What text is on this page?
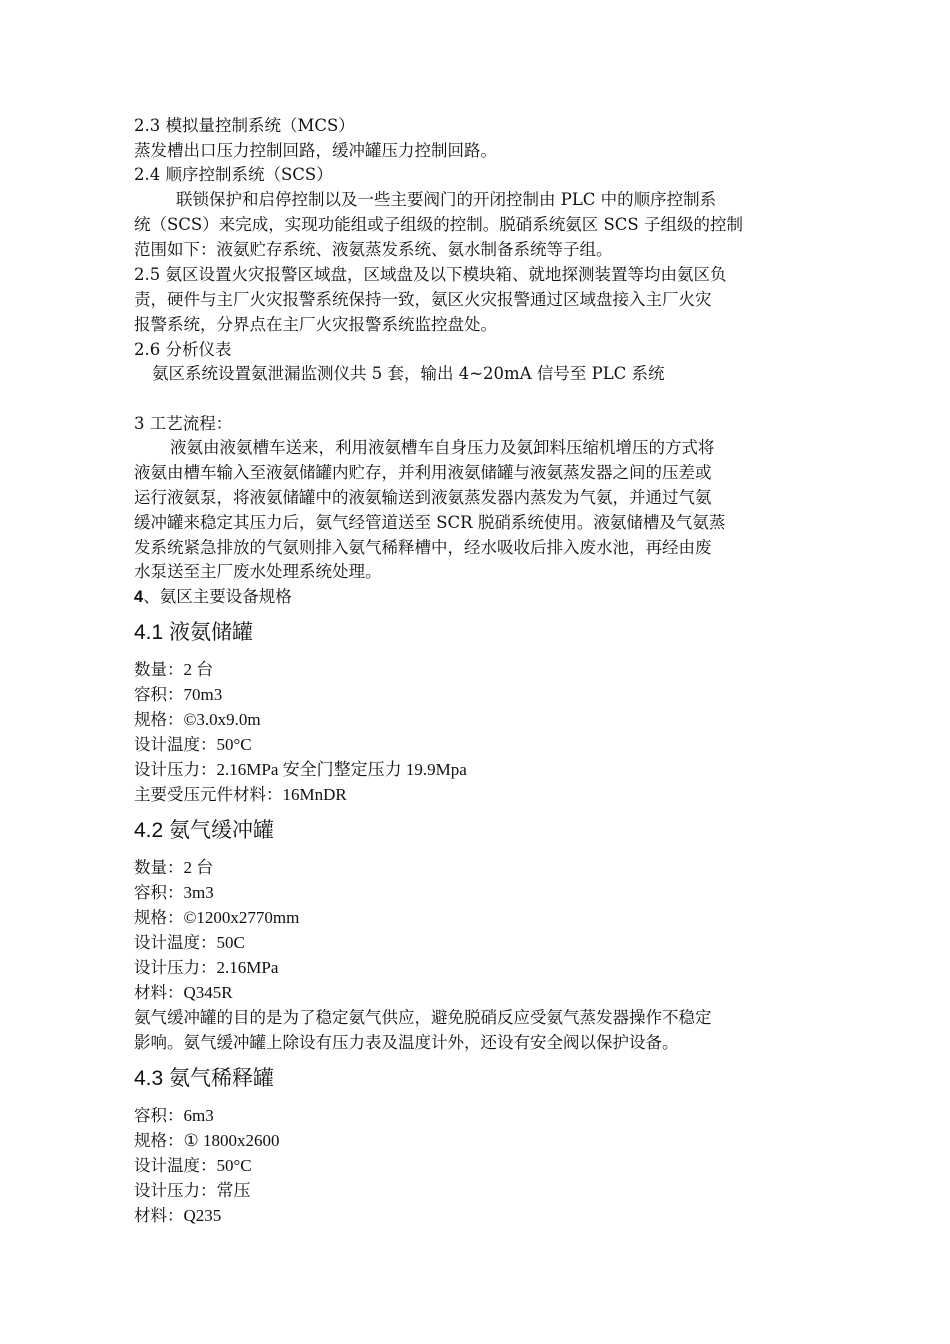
2.3 模拟量控制系统（MCS）

蒸发槽出口压力控制回路，缓冲罐压力控制回路。

2.4 顺序控制系统（SCS）

联锁保护和启停控制以及一些主要阀门的开闭控制由 PLC 中的顺序控制系

统（SCS）来完成，实现功能组或子组级的控制。脱硝系统氨区 SCS 子组级的控制

范围如下：液氨贮存系统、液氨蒸发系统、氨水制备系统等子组。

2.5 氨区设置火灾报警区域盘，区域盘及以下模块箱、就地探测装置等均由氨区负

责，硬件与主厂火灾报警系统保持一致，氨区火灾报警通过区域盘接入主厂火灾

报警系统，分界点在主厂火灾报警系统监控盘处。

2.6 分析仪表

氨区系统设置氨泄漏监测仪共 5 套，输出 4~20mA 信号至 PLC 系统

3 工艺流程：

液氨由液氨槽车送来，利用液氨槽车自身压力及氨卸料压缩机增压的方式将

液氨由槽车输入至液氨储罐内贮存，并利用液氨储罐与液氨蒸发器之间的压差或

运行液氨泵，将液氨储罐中的液氨输送到液氨蒸发器内蒸发为气氨，并通过气氨

缓冲罐来稳定其压力后，氨气经管道送至 SCR 脱硝系统使用。液氨储槽及气氨蒸

发系统紧急排放的气氨则排入氨气稀释槽中，经水吸收后排入废水池，再经由废

水泵送至主厂废水处理系统处理。

4、氨区主要设备规格

4.1 液氨储罐

数量：2 台

容积：70m3

规格：©3.0x9.0m

设计温度：50°C

设计压力：2.16MPa 安全门整定压力 19.9Mpa

主要受压元件材料：16MnDR

4.2 氨气缓冲罐

数量：2 台

容积：3m3

规格：©1200x2770mm

设计温度：50C

设计压力：2.16MPa

材料：Q345R

氨气缓冲罐的目的是为了稳定氨气供应，避免脱硝反应受氨气蒸发器操作不稳定

影响。氨气缓冲罐上除设有压力表及温度计外，还设有安全阀以保护设备。

4.3 氨气稀释罐

容积：6m3

规格：① 1800x2600

设计温度：50°C

设计压力：常压

材料：Q235
